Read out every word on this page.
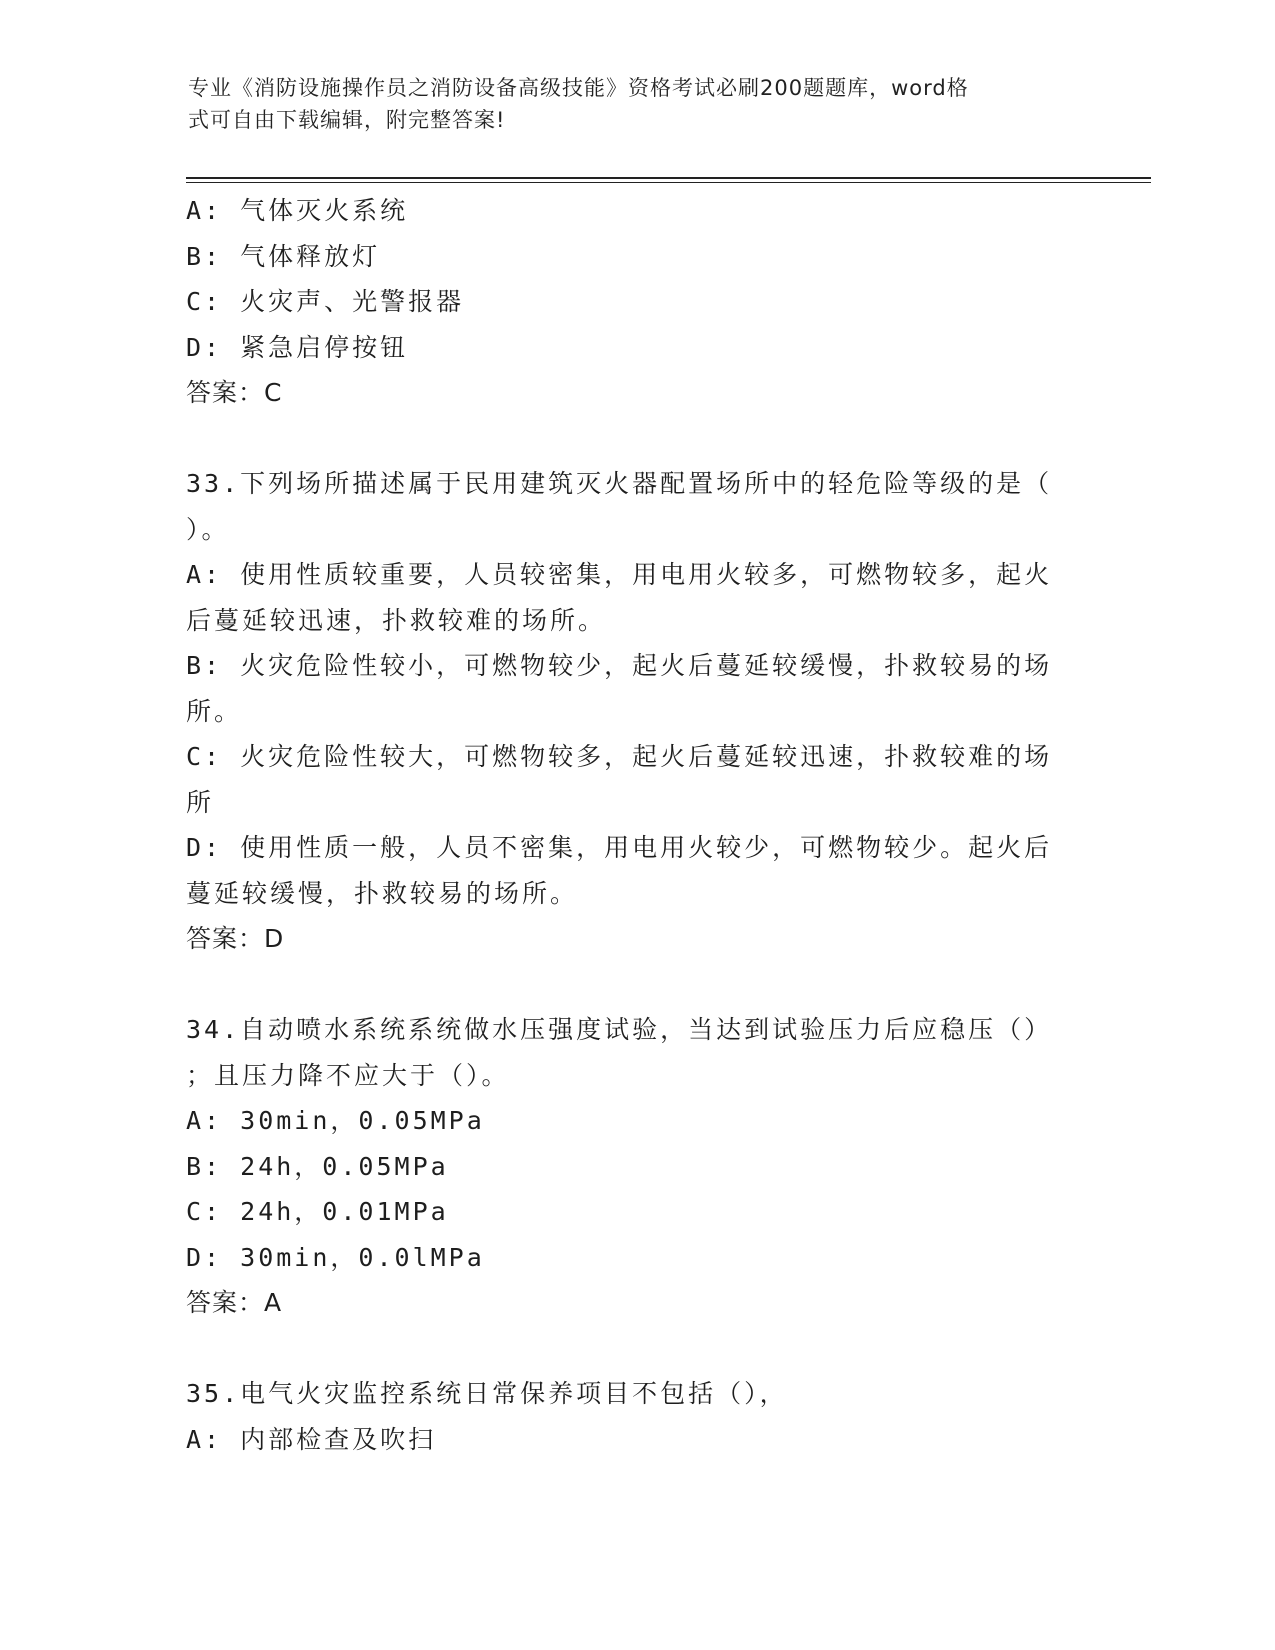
专业《消防设施操作员之消防设备高级技能》资格考试必刷200题题库，word格
式可自由下载编辑，附完整答案!
A: 气体灭火系统
B: 气体释放灯
C: 火灾声、光警报器
D: 紧急启停按钮
答案：C
33.下列场所描述属于民用建筑灭火器配置场所中的轻危险等级的是（
）。
A: 使用性质较重要，人员较密集，用电用火较多，可燃物较多，起火
后蔓延较迅速，扑救较难的场所。
B: 火灾危险性较小，可燃物较少，起火后蔓延较缓慢，扑救较易的场
所。
C: 火灾危险性较大，可燃物较多，起火后蔓延较迅速，扑救较难的场
所
D: 使用性质一般，人员不密集，用电用火较少，可燃物较少。起火后
蔓延较缓慢，扑救较易的场所。
答案：D
34.自动喷水系统系统做水压强度试验，当达到试验压力后应稳压（）
；且压力降不应大于（）。
A: 30min，0.05MPa
B: 24h，0.05MPa
C: 24h，0.01MPa
D: 30min，0.0lMPa
答案：A
35.电气火灾监控系统日常保养项目不包括（），
A: 内部检查及吹扫
